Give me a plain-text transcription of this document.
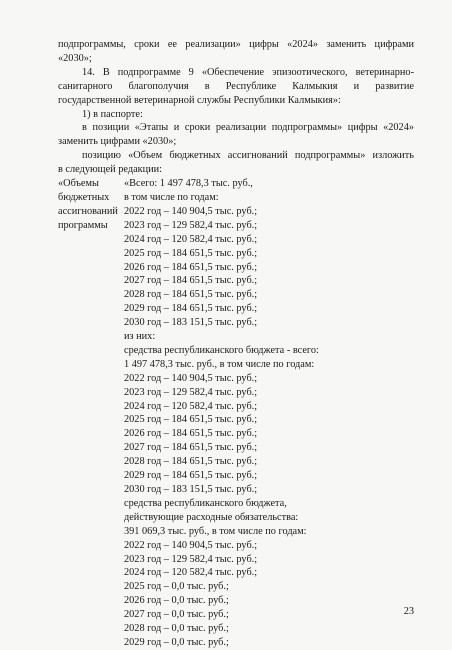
подпрограммы, сроки ее реализации» цифры «2024» заменить цифрами
«2030»;
14. В подпрограмме 9 «Обеспечение эпизоотического, ветеринарно-
санитарного благополучия в Республике Калмыкия и развитие
государственной ветеринарной службы Республики Калмыкия»:
1) в паспорте:
в позиции «Этапы и сроки реализации подпрограммы» цифры «2024»
заменить цифрами «2030»;
позицию «Объем бюджетных ассигнований подпрограммы» изложить
в следующей редакции:
«Объемы
бюджетных
ассигнований
программы
«Всего: 1 497 478,3 тыс. руб.,
в том числе по годам:
2022 год – 140 904,5 тыс. руб.;
2023 год – 129 582,4 тыс. руб.;
2024 год – 120 582,4 тыс. руб.;
2025 год – 184 651,5 тыс. руб.;
2026 год – 184 651,5 тыс. руб.;
2027 год – 184 651,5 тыс. руб.;
2028 год – 184 651,5 тыс. руб.;
2029 год – 184 651,5 тыс. руб.;
2030 год – 183 151,5 тыс. руб.;
из них:
средства республиканского бюджета - всего:
1 497 478,3 тыс. руб., в том числе по годам:
2022 год – 140 904,5 тыс. руб.;
2023 год – 129 582,4 тыс. руб.;
2024 год – 120 582,4 тыс. руб.;
2025 год – 184 651,5 тыс. руб.;
2026 год – 184 651,5 тыс. руб.;
2027 год – 184 651,5 тыс. руб.;
2028 год – 184 651,5 тыс. руб.;
2029 год – 184 651,5 тыс. руб.;
2030 год – 183 151,5 тыс. руб.;
средства республиканского бюджета,
действующие расходные обязательства:
391 069,3 тыс. руб., в том числе по годам:
2022 год – 140 904,5 тыс. руб.;
2023 год – 129 582,4 тыс. руб.;
2024 год – 120 582,4 тыс. руб.;
2025 год – 0,0 тыс. руб.;
2026 год – 0,0 тыс. руб.;
2027 год – 0,0 тыс. руб.;
2028 год – 0,0 тыс. руб.;
2029 год – 0,0 тыс. руб.;
23
